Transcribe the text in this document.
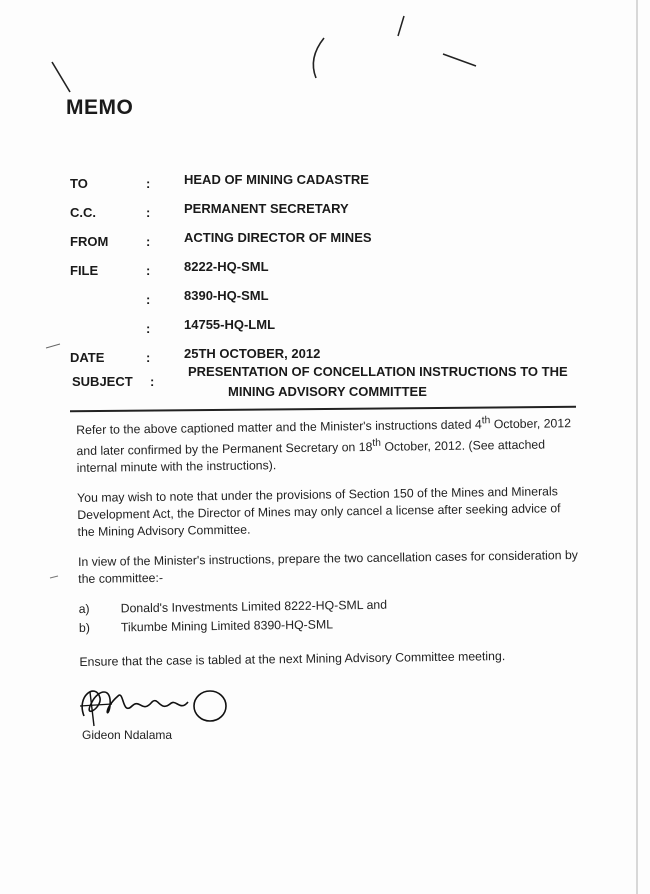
MEMO
TO	:	HEAD OF MINING CADASTRE
C.C.	:	PERMANENT SECRETARY
FROM	:	ACTING DIRECTOR OF MINES
FILE	:	8222-HQ-SML
:	8390-HQ-SML
:	14755-HQ-LML
DATE	:	25TH OCTOBER, 2012
SUBJECT :
PRESENTATION OF CONCELLATION INSTRUCTIONS TO THE
MINING ADVISORY COMMITTEE

Refer to the above captioned matter and the Minister's instructions dated 4th October, 2012 and later confirmed by the Permanent Secretary on 18th October, 2012. (See attached internal minute with the instructions).

You may wish to note that under the provisions of Section 150 of the Mines and Minerals Development Act, the Director of Mines may only cancel a license after seeking advice of the Mining Advisory Committee.

In view of the Minister's instructions, prepare the two cancellation cases for consideration by the committee:-

a)	Donald's Investments Limited 8222-HQ-SML and
b)	Tikumbe Mining Limited 8390-HQ-SML

Ensure that the case is tabled at the next Mining Advisory Committee meeting.

Gideon Ndalama
